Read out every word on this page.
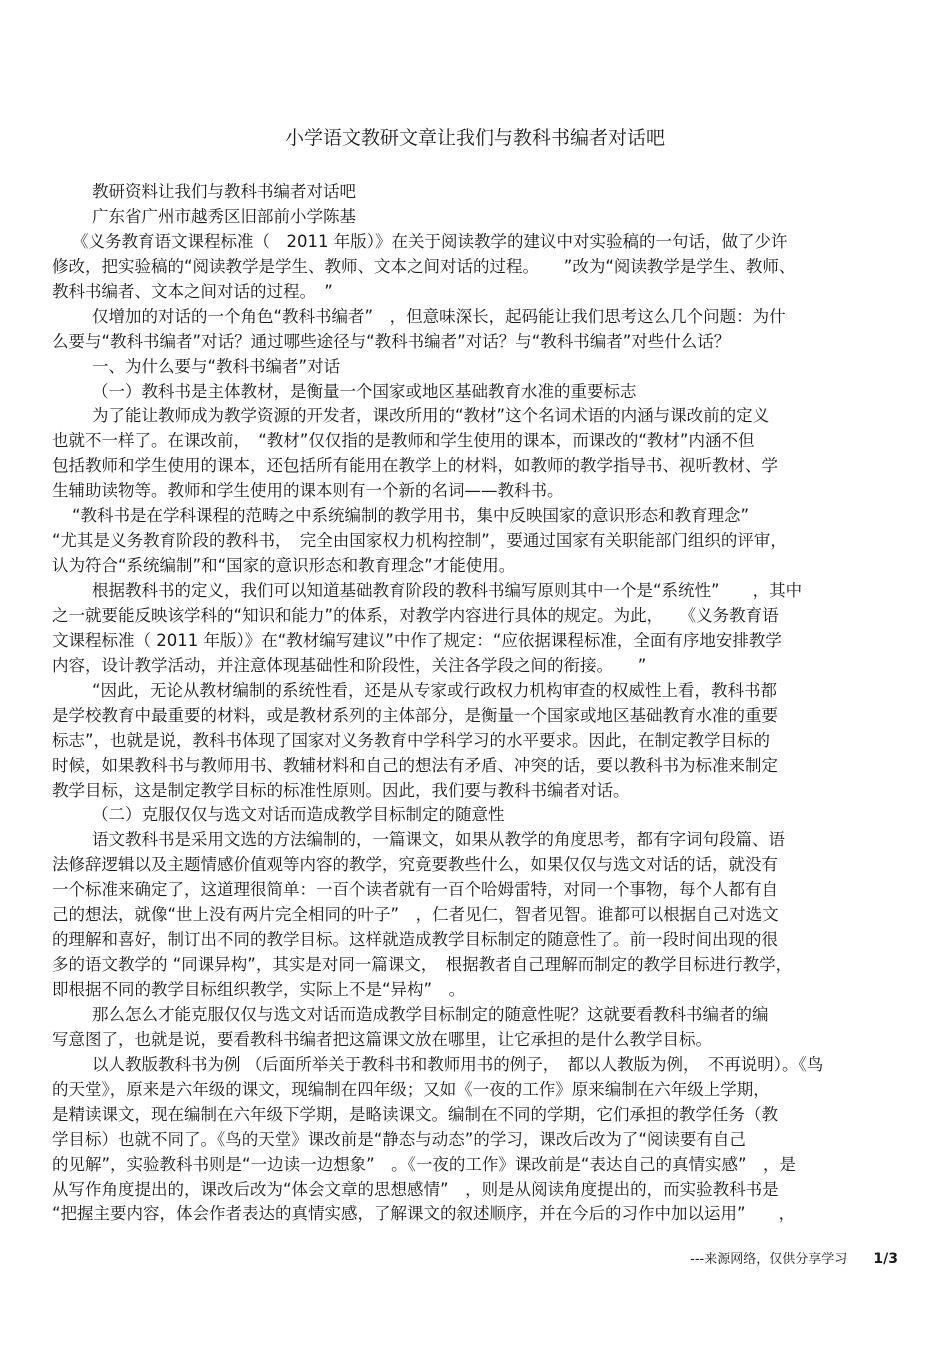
小学语文教研文章让我们与教科书编者对话吧
教研资料让我们与教科书编者对话吧
广东省广州市越秀区旧部前小学陈基
《义务教育语文课程标准（　2011 年版）》在关于阅读教学的建议中对实验稿的一句话，做了少许
修改，把实验稿的“阅读教学是学生、教师、文本之间对话的过程。　　”改为“阅读教学是学生、教师、
教科书编者、文本之间对话的过程。　”
仅增加的对话的一个角色“教科书编者”　，但意味深长，起码能让我们思考这么几个问题：为什
么要与“教科书编者”对话？通过哪些途径与“教科书编者”对话？与“教科书编者”对些什么话？
一、为什么要与“教科书编者”对话
（一）教科书是主体教材，是衡量一个国家或地区基础教育水准的重要标志
为了能让教师成为教学资源的开发者，课改所用的“教材”这个名词术语的内涵与课改前的定义
也就不一样了。在课改前，　“教材”仅仅指的是教师和学生使用的课本，而课改的“教材”内涵不但
包括教师和学生使用的课本，还包括所有能用在教学上的材料，如教师的教学指导书、视听教材、学
生辅助读物等。教师和学生使用的课本则有一个新的名词——教科书。
“教科书是在学科课程的范畴之中系统编制的教学用书，集中反映国家的意识形态和教育理念”
“尤其是义务教育阶段的教科书，　完全由国家权力机构控制”，要通过国家有关职能部门组织的评审，
认为符合“系统编制”和“国家的意识形态和教育理念”才能使用。
根据教科书的定义，我们可以知道基础教育阶段的教科书编写原则其中一个是“系统性”　　，其中
之一就要能反映该学科的“知识和能力”的体系，对教学内容进行具体的规定。为此，　　《义务教育语
文课程标准（ 2011 年版）》在“教材编写建议”中作了规定：“应依据课程标准，全面有序地安排教学
内容，设计教学活动，并注意体现基础性和阶段性，关注各学段之间的衔接。　　”
“因此，无论从教材编制的系统性看，还是从专家或行政权力机构审查的权威性上看，教科书都
是学校教育中最重要的材料，或是教材系列的主体部分，是衡量一个国家或地区基础教育水准的重要
标志”，也就是说，教科书体现了国家对义务教育中学科学习的水平要求。因此，在制定教学目标的
时候，如果教科书与教师用书、教辅材料和自己的想法有矛盾、冲突的话，要以教科书为标准来制定
教学目标，这是制定教学目标的标准性原则。因此，我们要与教科书编者对话。
（二）克服仅仅与选文对话而造成教学目标制定的随意性
语文教科书是采用文选的方法编制的，一篇课文，如果从教学的角度思考，都有字词句段篇、语
法修辞逻辑以及主题情感价值观等内容的教学，究竟要教些什么，如果仅仅与选文对话的话，就没有
一个标准来确定了，这道理很简单：一百个读者就有一百个哈姆雷特，对同一个事物，每个人都有自
己的想法，就像“世上没有两片完全相同的叶子”　，仁者见仁，智者见智。谁都可以根据自己对选文
的理解和喜好，制订出不同的教学目标。这样就造成教学目标制定的随意性了。前一段时间出现的很
多的语文教学的 “同课异构”，其实是对同一篇课文，　根据教者自己理解而制定的教学目标进行教学，
即根据不同的教学目标组织教学，实际上不是“异构”　。
那么怎么才能克服仅仅与选文对话而造成教学目标制定的随意性呢？这就要看教科书编者的编
写意图了，也就是说，要看教科书编者把这篇课文放在哪里，让它承担的是什么教学目标。
以人教版教科书为例 （后面所举关于教科书和教师用书的例子，　都以人教版为例，　不再说明）。《鸟
的天堂》，原来是六年级的课文，现编制在四年级；又如《一夜的工作》原来编制在六年级上学期，
是精读课文，现在编制在六年级下学期，是略读课文。编制在不同的学期，它们承担的教学任务（教
学目标）也就不同了。《鸟的天堂》课改前是“静态与动态”的学习，课改后改为了“阅读要有自己
的见解”，实验教科书则是“一边读一边想象”　。《一夜的工作》课改前是“表达自己的真情实感”　，是
从写作角度提出的，课改后改为“体会文章的思想感情”　，则是从阅读角度提出的，而实验教科书是
“把握主要内容，体会作者表达的真情实感，了解课文的叙述顺序，并在今后的习作中加以运用”　　，
---来源网络，仅供分享学习 1/3
